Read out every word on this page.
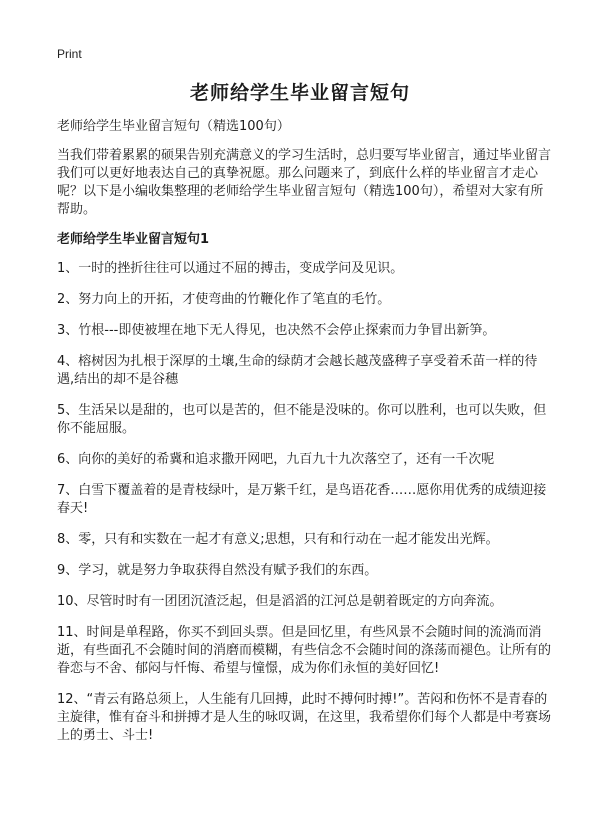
Print
老师给学生毕业留言短句

老师给学生毕业留言短句（精选100句）

当我们带着累累的硕果告别充满意义的学习生活时，总归要写毕业留言，通过毕业留言我们可以更好地表达自己的真挚祝愿。那么问题来了，到底什么样的毕业留言才走心呢？以下是小编收集整理的老师给学生毕业留言短句（精选100句），希望对大家有所帮助。

老师给学生毕业留言短句1

1、一时的挫折往往可以通过不屈的搏击，变成学问及见识。

2、努力向上的开拓，才使弯曲的竹鞭化作了笔直的毛竹。

3、竹根---即使被埋在地下无人得见，也决然不会停止探索而力争冒出新笋。

4、榕树因为扎根于深厚的土壤,生命的绿荫才会越长越茂盛稗子享受着禾苗一样的待遇,结出的却不是谷穗

5、生活呆以是甜的，也可以是苦的，但不能是没味的。你可以胜利，也可以失败，但你不能屈服。

6、向你的美好的希冀和追求撒开网吧，九百九十九次落空了，还有一千次呢

7、白雪下覆盖着的是青枝绿叶，是万紫千红，是鸟语花香……愿你用优秀的成绩迎接春天!

8、零，只有和实数在一起才有意义;思想，只有和行动在一起才能发出光辉。

9、学习，就是努力争取获得自然没有赋予我们的东西。

10、尽管时时有一团团沉渣泛起，但是滔滔的江河总是朝着既定的方向奔流。

11、时间是单程路，你买不到回头票。但是回忆里，有些风景不会随时间的流淌而消逝，有些面孔不会随时间的消磨而模糊，有些信念不会随时间的涤荡而褪色。让所有的眷恋与不舍、郁闷与忏悔、希望与憧憬，成为你们永恒的美好回忆!

12、“青云有路总须上，人生能有几回搏，此时不搏何时搏!”。苦闷和伤怀不是青春的主旋律，惟有奋斗和拼搏才是人生的咏叹调，在这里，我希望你们每个人都是中考赛场上的勇士、斗士!
